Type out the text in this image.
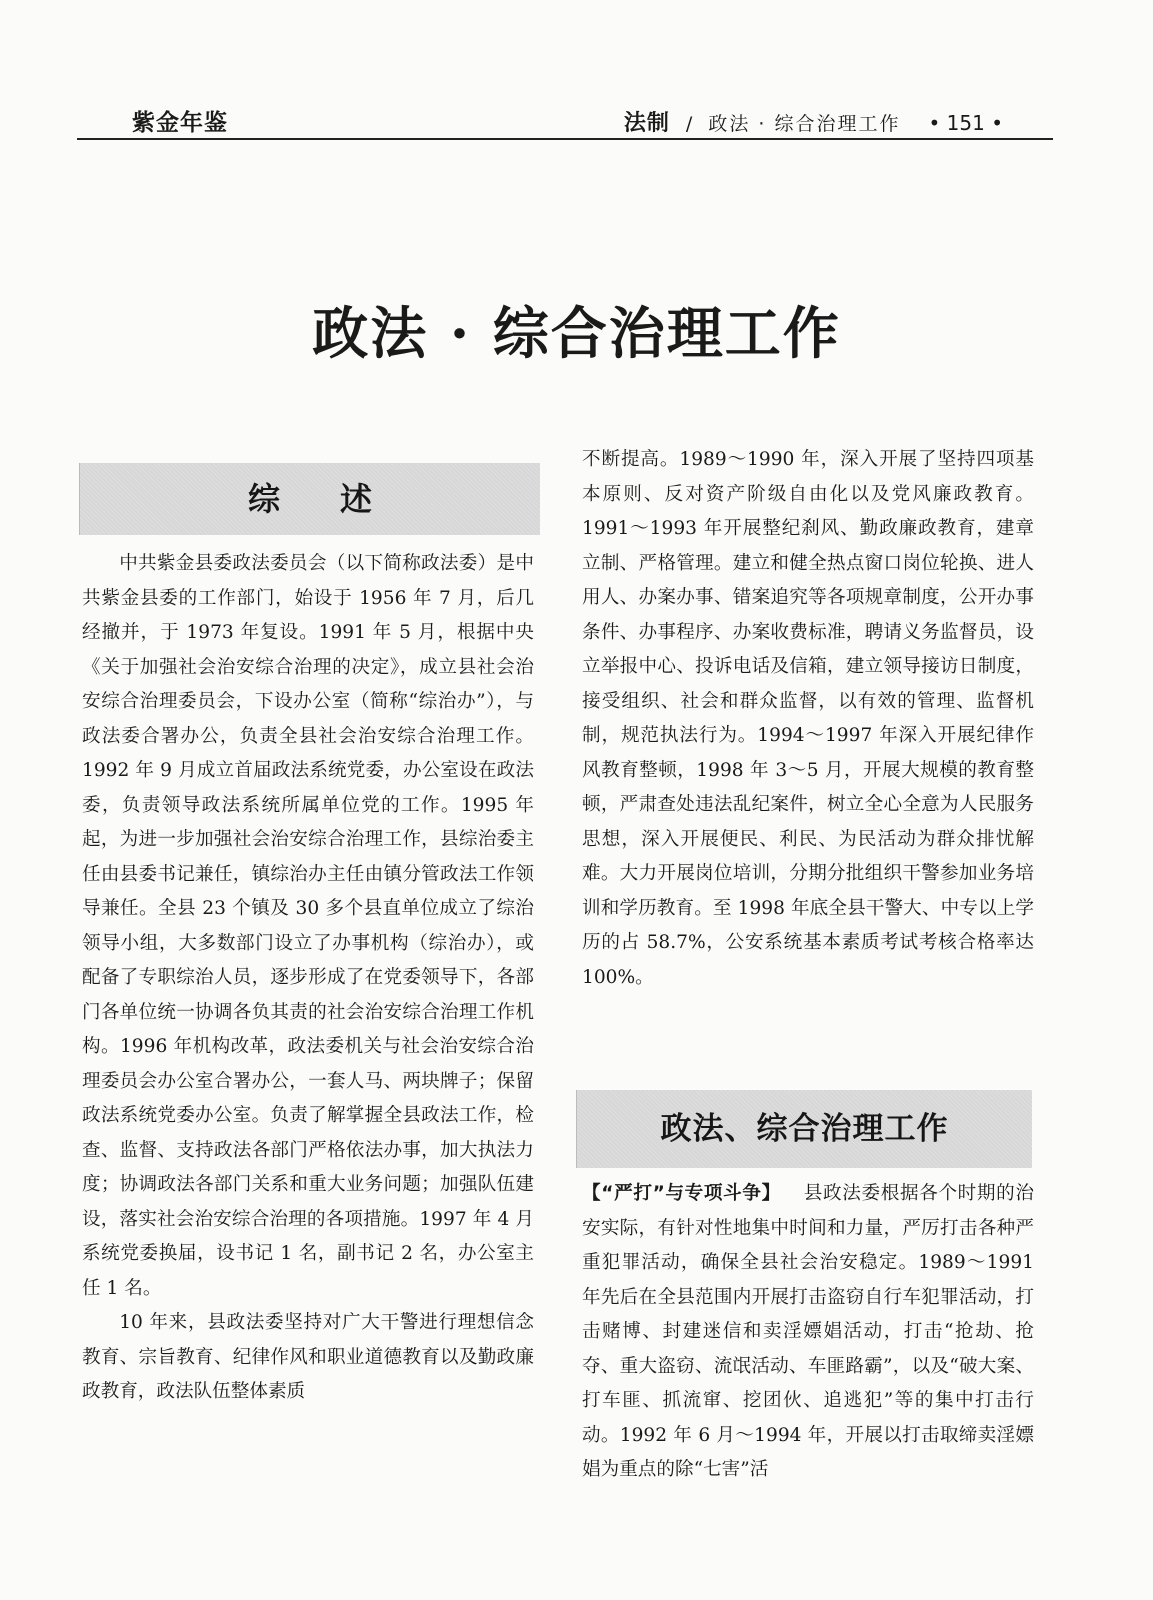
紫金年鉴	法制 / 政法 · 综合治理工作 • 151 •
政法 · 综合治理工作
综述

中共紫金县委政法委员会（以下简称政法委）是中共紫金县委的工作部门，始设于 1956 年 7 月，后几经撤并，于 1973 年复设。1991 年 5 月，根据中央《关于加强社会治安综合治理的决定》，成立县社会治安综合治理委员会，下设办公室（简称“综治办”），与政法委合署办公，负责全县社会治安综合治理工作。1992 年 9 月成立首届政法系统党委，办公室设在政法委，负责领导政法系统所属单位党的工作。1995 年起，为进一步加强社会治安综合治理工作，县综治委主任由县委书记兼任，镇综治办主任由镇分管政法工作领导兼任。全县 23 个镇及 30 多个县直单位成立了综治领导小组，大多数部门设立了办事机构（综治办），或配备了专职综治人员，逐步形成了在党委领导下，各部门各单位统一协调各负其责的社会治安综合治理工作机构。1996 年机构改革，政法委机关与社会治安综合治理委员会办公室合署办公，一套人马、两块牌子；保留政法系统党委办公室。负责了解掌握全县政法工作，检查、监督、支持政法各部门严格依法办事，加大执法力度；协调政法各部门关系和重大业务问题；加强队伍建设，落实社会治安综合治理的各项措施。1997 年 4 月系统党委换届，设书记 1 名，副书记 2 名，办公室主任 1 名。

10 年来，县政法委坚持对广大干警进行理想信念教育、宗旨教育、纪律作风和职业道德教育以及勤政廉政教育，政法队伍整体素质

不断提高。1989～1990 年，深入开展了坚持四项基本原则、反对资产阶级自由化以及党风廉政教育。1991～1993 年开展整纪刹风、勤政廉政教育，建章立制、严格管理。建立和健全热点窗口岗位轮换、进人用人、办案办事、错案追究等各项规章制度，公开办事条件、办事程序、办案收费标准，聘请义务监督员，设立举报中心、投诉电话及信箱，建立领导接访日制度，接受组织、社会和群众监督，以有效的管理、监督机制，规范执法行为。1994～1997 年深入开展纪律作风教育整顿，1998 年 3～5 月，开展大规模的教育整顿，严肃查处违法乱纪案件，树立全心全意为人民服务思想，深入开展便民、利民、为民活动为群众排忧解难。大力开展岗位培训，分期分批组织干警参加业务培训和学历教育。至 1998 年底全县干警大、中专以上学历的占 58.7%，公安系统基本素质考试考核合格率达 100%。

政法、综合治理工作

【“严打”与专项斗争】 县政法委根据各个时期的治安实际，有针对性地集中时间和力量，严厉打击各种严重犯罪活动，确保全县社会治安稳定。1989～1991 年先后在全县范围内开展打击盗窃自行车犯罪活动，打击赌博、封建迷信和卖淫嫖娼活动，打击“抢劫、抢夺、重大盗窃、流氓活动、车匪路霸”，以及“破大案、打车匪、抓流窜、挖团伙、追逃犯”等的集中打击行动。1992 年 6 月～1994 年，开展以打击取缔卖淫嫖娼为重点的除“七害”活
